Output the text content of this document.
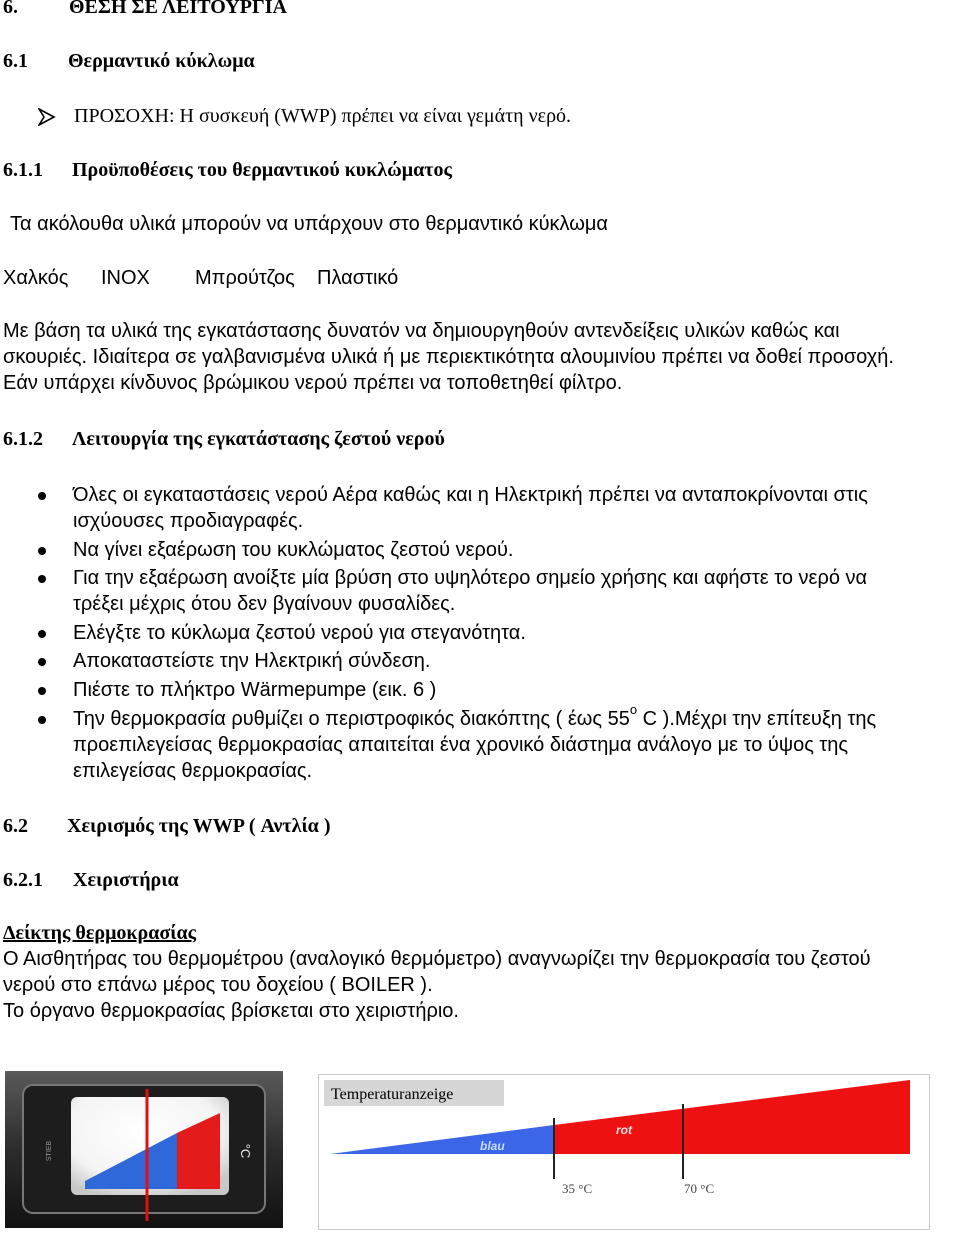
6.	ΘΕΣΗ ΣΕ ΛΕΙΤΟΥΡΓΙΑ
6.1 Θερμαντικό κύκλωμα
ΠΡΟΣΟΧΗ: Η συσκευή (WWP) πρέπει να είναι γεμάτη νερό.
6.1.1 Προϋποθέσεις του θερμαντικού κυκλώματος

Τα ακόλουθα υλικά μπορούν να υπάρχουν στο θερμαντικό κύκλωμα

Χαλκός INOX Μπρούτζος Πλαστικό

Με βάση τα υλικά της εγκατάστασης δυνατόν να δημιουργηθούν αντενδείξεις υλικών καθώς και

σκουριές. Ιδιαίτερα σε γαλβανισμένα υλικά ή με περιεκτικότητα αλουμινίου πρέπει να δοθεί προσοχή.

Εάν υπάρχει κίνδυνος βρώμικου νερού πρέπει να τοποθετηθεί φίλτρο.

6.1.2 Λειτουργία της εγκατάστασης ζεστού νερού

Όλες οι εγκαταστάσεις νερού Αέρα καθώς και η Ηλεκτρική πρέπει να ανταποκρίνονται στις

ισχύουσες προδιαγραφές.

Να γίνει εξαέρωση του κυκλώματος ζεστού νερού.

Για την εξαέρωση ανοίξτε μία βρύση στο υψηλότερο σημείο χρήσης και αφήστε το νερό να

τρέξει μέχρις ότου δεν βγαίνουν φυσαλίδες.

Ελέγξτε το κύκλωμα ζεστού νερού για στεγανότητα.

Αποκαταστείστε την Ηλεκτρική σύνδεση.

Πιέστε το πλήκτρο Wärmepumpe (εικ. 6 )

Την θερμοκρασία ρυθμίζει ο περιστροφικός διακόπτης ( έως $55^o$ C ).Μέχρι την επίτευξη της

προεπιλεγείσας θερμοκρασίας απαιτείται ένα χρονικό διάστημα ανάλογο με το ύψος της

επιλεγείσας θερμοκρασίας.

6.2 Χειρισμός της WWP ( Αντλία )
6.2.1 Χειριστήρια

Δείκτης θερμοκρασίας

Ο Αισθητήρας του θερμομέτρου (αναλογικό θερμόμετρο) αναγνωρίζει την θερμοκρασία του ζεστού

νερού στο επάνω μέρος του δοχείου ( BOILER ).

Το όργανο θερμοκρασίας βρίσκεται στο χειριστήριο.

STIEB	°C
Temperaturanzeige
blau
rot
35 °C	70 °C
